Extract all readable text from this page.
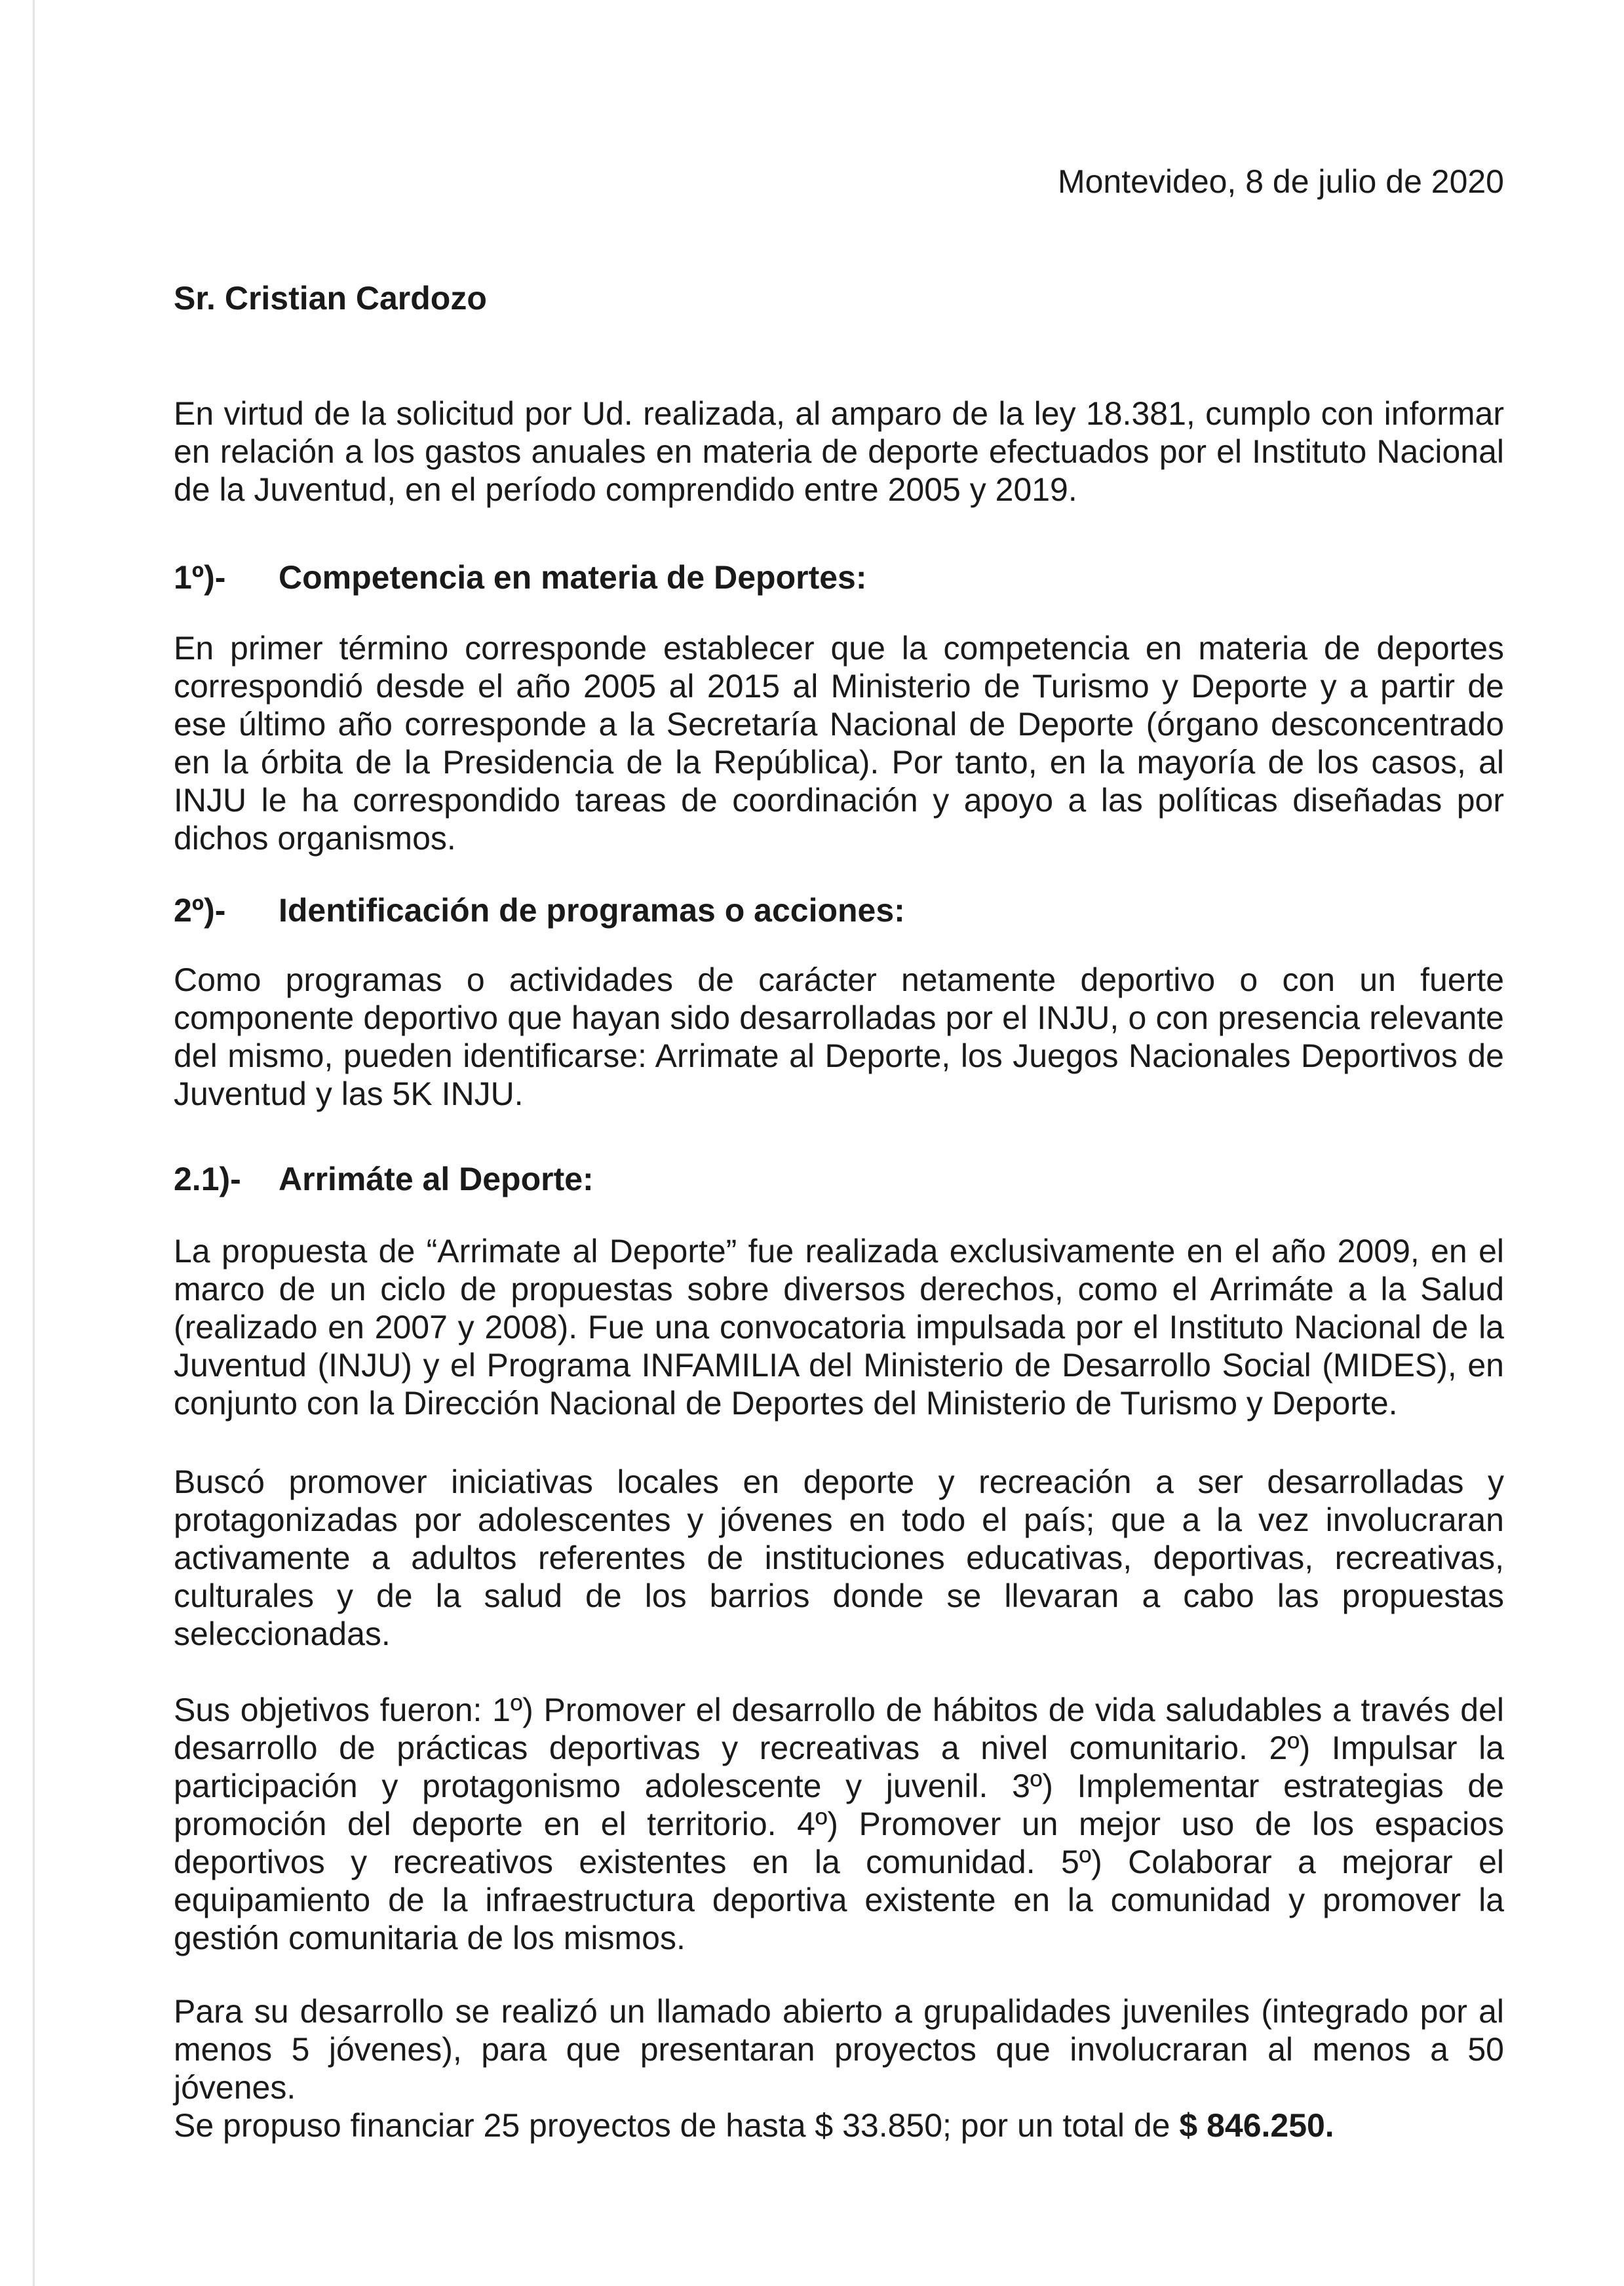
Montevideo, 8 de julio de 2020
Sr. Cristian Cardozo

En virtud de la solicitud por Ud. realizada, al amparo de la ley 18.381, cumplo con informar en relación a los gastos anuales en materia de deporte efectuados por el Instituto Nacional de la Juventud, en el período comprendido entre 2005 y 2019.

1º)-	Competencia en materia de Deportes:

En primer término corresponde establecer que la competencia en materia de deportes correspondió desde el año 2005 al 2015 al Ministerio de Turismo y Deporte y a partir de ese último año corresponde a la Secretaría Nacional de Deporte (órgano desconcentrado en la órbita de la Presidencia de la República). Por tanto, en la mayoría de los casos, al INJU le ha correspondido tareas de coordinación y apoyo a las políticas diseñadas por dichos organismos.

2º)-	Identificación de programas o acciones:

Como programas o actividades de carácter netamente deportivo o con un fuerte componente deportivo que hayan sido desarrolladas por el INJU, o con presencia relevante del mismo, pueden identificarse: Arrimate al Deporte, los Juegos Nacionales Deportivos de Juventud y las 5K INJU.

2.1)-	Arrimáte al Deporte:

La propuesta de “Arrimate al Deporte” fue realizada exclusivamente en el año 2009, en el marco de un ciclo de propuestas sobre diversos derechos, como el Arrimáte a la Salud (realizado en 2007 y 2008). Fue una convocatoria impulsada por el Instituto Nacional de la Juventud (INJU) y el Programa INFAMILIA del Ministerio de Desarrollo Social (MIDES), en conjunto con la Dirección Nacional de Deportes del Ministerio de Turismo y Deporte.

Buscó promover iniciativas locales en deporte y recreación a ser desarrolladas y protagonizadas por adolescentes y jóvenes en todo el país; que a la vez involucraran activamente a adultos referentes de instituciones educativas, deportivas, recreativas, culturales y de la salud de los barrios donde se llevaran a cabo las propuestas seleccionadas.

Sus objetivos fueron: 1º) Promover el desarrollo de hábitos de vida saludables a través del desarrollo de prácticas deportivas y recreativas a nivel comunitario. 2º) Impulsar la participación y protagonismo adolescente y juvenil. 3º) Implementar estrategias de promoción del deporte en el territorio. 4º) Promover un mejor uso de los espacios deportivos y recreativos existentes en la comunidad. 5º) Colaborar a mejorar el equipamiento de la infraestructura deportiva existente en la comunidad y promover la gestión comunitaria de los mismos.

Para su desarrollo se realizó un llamado abierto a grupalidades juveniles (integrado por al menos 5 jóvenes), para que presentaran proyectos que involucraran al menos a 50 jóvenes.

Se propuso financiar 25 proyectos de hasta $ 33.850; por un total de $ 846.250.
